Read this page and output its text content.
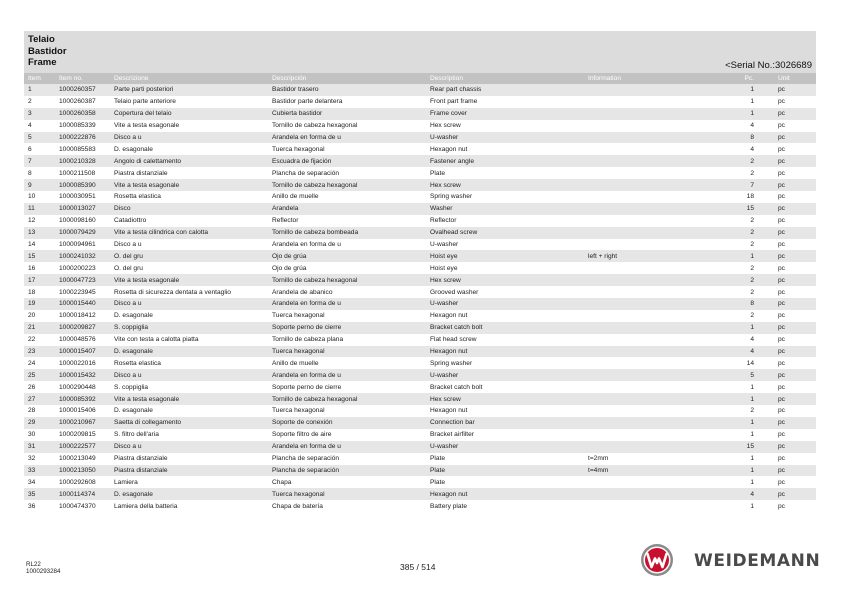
Telaio
Bastidor
Frame	<Serial No.:3026689
Item	Item no.	Descrizione	Descripción	Description	Information	Pc.	Unit
1	1000260357	Parte parti posteriori	Bastidor trasero	Rear part chassis		1	pc
2	1000260387	Telaio parte anteriore	Bastidor parte delantera	Front part frame		1	pc
3	1000260358	Copertura del telaio	Cubierta bastidor	Frame cover		1	pc
4	1000085339	Vite a testa esagonale	Tornillo de cabeza hexagonal	Hex screw		4	pc
5	1000222876	Disco a u	Arandela en forma de u	U-washer		8	pc
6	1000085583	D. esagonale	Tuerca hexagonal	Hexagon nut		4	pc
7	1000210328	Angolo di calettamento	Escuadra de fijación	Fastener angle		2	pc
8	1000211508	Piastra distanziale	Plancha de separación	Plate		2	pc
9	1000085390	Vite a testa esagonale	Tornillo de cabeza hexagonal	Hex screw		7	pc
10	1000030951	Rosetta elastica	Anillo de muelle	Spring washer		18	pc
11	1000013027	Disco	Arandela	Washer		15	pc
12	1000098160	Catadiottro	Reflector	Reflector		2	pc
13	1000079429	Vite a testa cilindrica con calotta	Tornillo de cabeza bombeada	Ovalhead screw		2	pc
14	1000094961	Disco a u	Arandela en forma de u	U-washer		2	pc
15	1000241032	O. del gru	Ojo de grúa	Hoist eye	left + right	1	pc
16	1000200223	O. del gru	Ojo de grúa	Hoist eye		2	pc
17	1000047723	Vite a testa esagonale	Tornillo de cabeza hexagonal	Hex screw		2	pc
18	1000223945	Rosetta di sicurezza dentata a ventaglio	Arandela de abanico	Grooved washer		2	pc
19	1000015440	Disco a u	Arandela en forma de u	U-washer		8	pc
20	1000018412	D. esagonale	Tuerca hexagonal	Hexagon nut		2	pc
21	1000209827	S. coppiglia	Soporte perno de cierre	Bracket catch bolt		1	pc
22	1000048576	Vite con testa a calotta piatta	Tornillo de cabeza plana	Flat head screw		4	pc
23	1000015407	D. esagonale	Tuerca hexagonal	Hexagon nut		4	pc
24	1000022016	Rosetta elastica	Anillo de muelle	Spring washer		14	pc
25	1000015432	Disco a u	Arandela en forma de u	U-washer		5	pc
26	1000290448	S. coppiglia	Soporte perno de cierre	Bracket catch bolt		1	pc
27	1000085392	Vite a testa esagonale	Tornillo de cabeza hexagonal	Hex screw		1	pc
28	1000015406	D. esagonale	Tuerca hexagonal	Hexagon nut		2	pc
29	1000210967	Saetta di collegamento	Soporte de conexión	Connection bar		1	pc
30	1000209815	S. filtro dell'aria	Soporte filtro de aire	Bracket airfilter		1	pc
31	1000222577	Disco a u	Arandela en forma de u	U-washer		15	pc
32	1000213049	Piastra distanziale	Plancha de separación	Plate	t=2mm	1	pc
33	1000213050	Piastra distanziale	Plancha de separación	Plate	t=4mm	1	pc
34	1000292608	Lamiera	Chapa	Plate		1	pc
35	1000114374	D. esagonale	Tuerca hexagonal	Hexagon nut		4	pc
36	1000474370	Lamiera della batteria	Chapa de batería	Battery plate		1	pc
RL22
1000293284	385 / 514	WEIDEMANN
